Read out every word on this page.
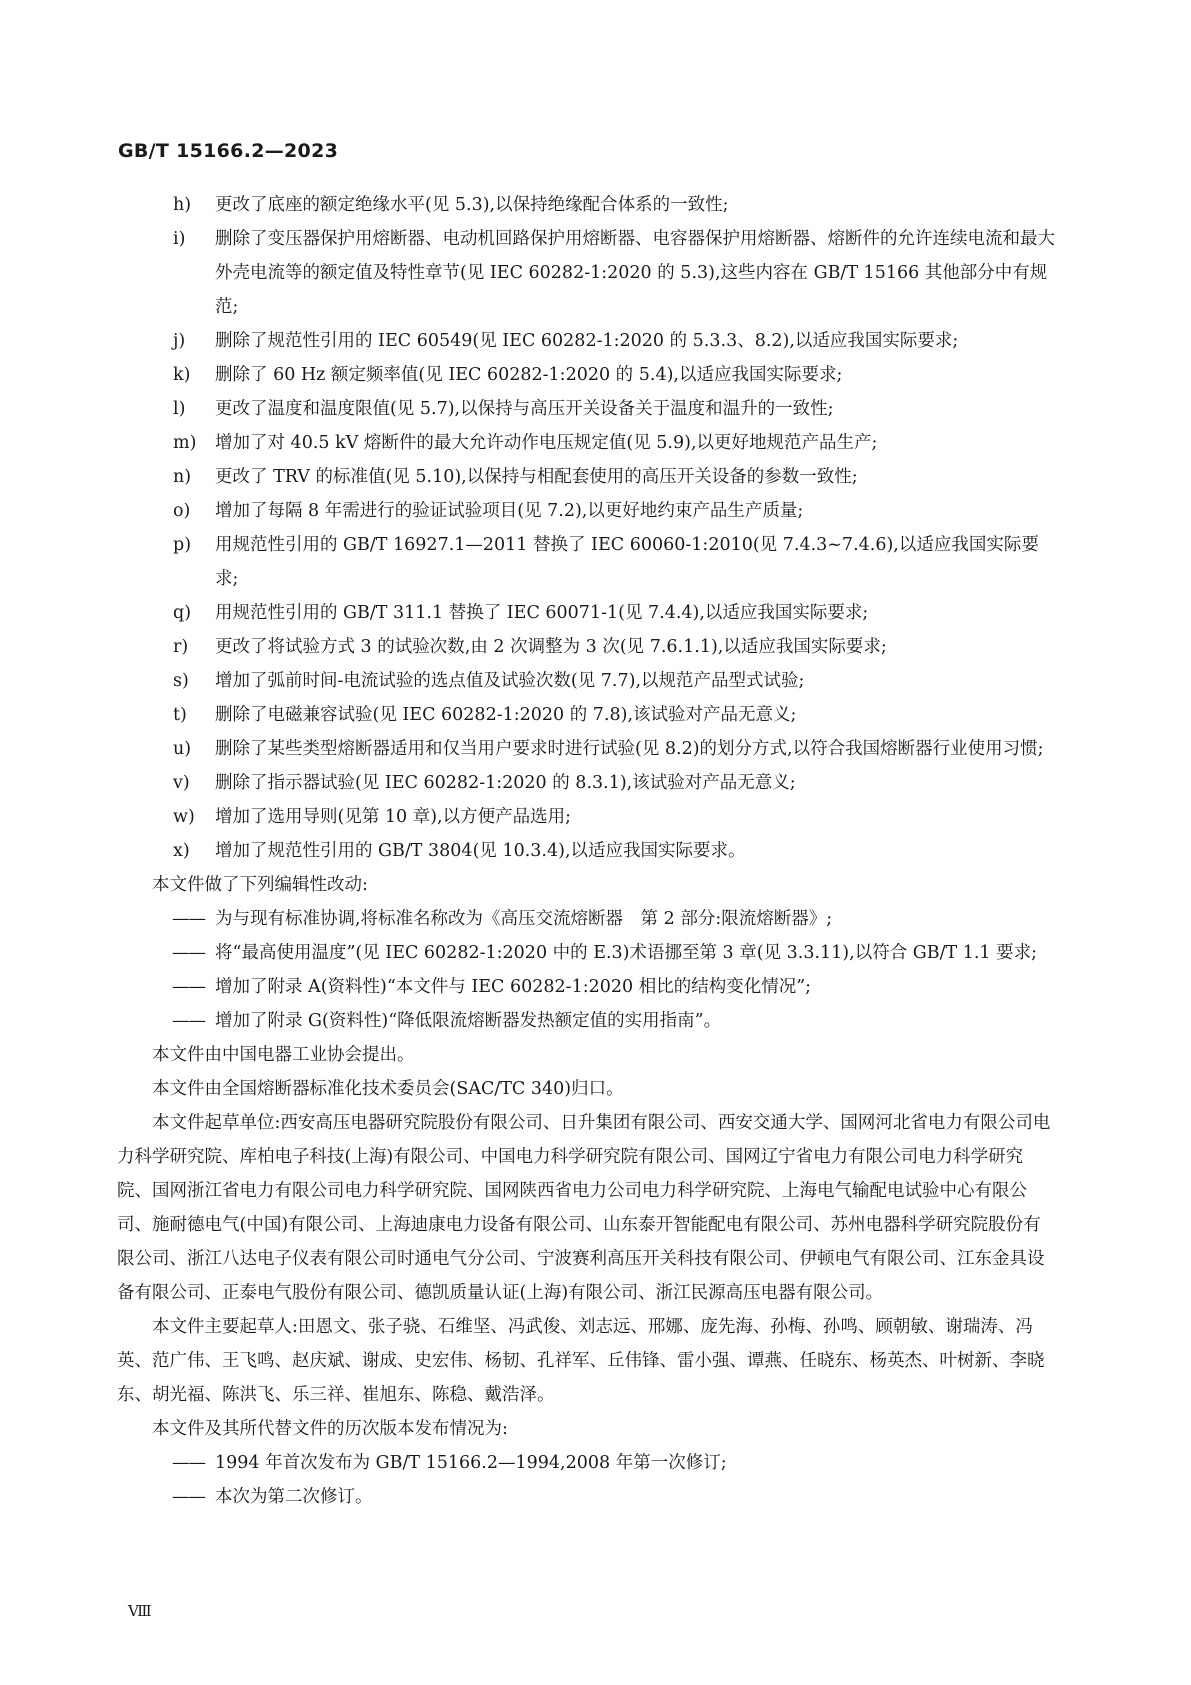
GB/T 15166.2—2023
h) 更改了底座的额定绝缘水平(见 5.3),以保持绝缘配合体系的一致性;
i) 删除了变压器保护用熔断器、电动机回路保护用熔断器、电容器保护用熔断器、熔断件的允许连续电流和最大外壳电流等的额定值及特性章节(见 IEC 60282-1:2020 的 5.3),这些内容在 GB/T 15166 其他部分中有规范;
j) 删除了规范性引用的 IEC 60549(见 IEC 60282-1:2020 的 5.3.3、8.2),以适应我国实际要求;
k) 删除了 60 Hz 额定频率值(见 IEC 60282-1:2020 的 5.4),以适应我国实际要求;
l) 更改了温度和温度限值(见 5.7),以保持与高压开关设备关于温度和温升的一致性;
m) 增加了对 40.5 kV 熔断件的最大允许动作电压规定值(见 5.9),以更好地规范产品生产;
n) 更改了 TRV 的标准值(见 5.10),以保持与相配套使用的高压开关设备的参数一致性;
o) 增加了每隔 8 年需进行的验证试验项目(见 7.2),以更好地约束产品生产质量;
p) 用规范性引用的 GB/T 16927.1—2011 替换了 IEC 60060-1:2010(见 7.4.3~7.4.6),以适应我国实际要求;
q) 用规范性引用的 GB/T 311.1 替换了 IEC 60071-1(见 7.4.4),以适应我国实际要求;
r) 更改了将试验方式 3 的试验次数,由 2 次调整为 3 次(见 7.6.1.1),以适应我国实际要求;
s) 增加了弧前时间-电流试验的选点值及试验次数(见 7.7),以规范产品型式试验;
t) 删除了电磁兼容试验(见 IEC 60282-1:2020 的 7.8),该试验对产品无意义;
u) 删除了某些类型熔断器适用和仅当用户要求时进行试验(见 8.2)的划分方式,以符合我国熔断器行业使用习惯;
v) 删除了指示器试验(见 IEC 60282-1:2020 的 8.3.1),该试验对产品无意义;
w) 增加了选用导则(见第 10 章),以方便产品选用;
x) 增加了规范性引用的 GB/T 3804(见 10.3.4),以适应我国实际要求。
本文件做了下列编辑性改动:
—— 为与现有标准协调,将标准名称改为《高压交流熔断器　第 2 部分:限流熔断器》;
—— 将“最高使用温度”(见 IEC 60282-1:2020 中的 E.3)术语挪至第 3 章(见 3.3.11),以符合 GB/T 1.1 要求;
—— 增加了附录 A(资料性)“本文件与 IEC 60282-1:2020 相比的结构变化情况”;
—— 增加了附录 G(资料性)“降低限流熔断器发热额定值的实用指南”。
本文件由中国电器工业协会提出。
本文件由全国熔断器标准化技术委员会(SAC/TC 340)归口。
本文件起草单位:西安高压电器研究院股份有限公司、日升集团有限公司、西安交通大学、国网河北省电力有限公司电力科学研究院、库柏电子科技(上海)有限公司、中国电力科学研究院有限公司、国网辽宁省电力有限公司电力科学研究院、国网浙江省电力有限公司电力科学研究院、国网陕西省电力公司电力科学研究院、上海电气输配电试验中心有限公司、施耐德电气(中国)有限公司、上海迪康电力设备有限公司、山东泰开智能配电有限公司、苏州电器科学研究院股份有限公司、浙江八达电子仪表有限公司时通电气分公司、宁波赛利高压开关科技有限公司、伊顿电气有限公司、江东金具设备有限公司、正泰电气股份有限公司、德凯质量认证(上海)有限公司、浙江民源高压电器有限公司。
本文件主要起草人:田恩文、张子骁、石维坚、冯武俊、刘志远、邢娜、庞先海、孙梅、孙鸣、顾朝敏、谢瑞涛、冯英、范广伟、王飞鸣、赵庆斌、谢成、史宏伟、杨韧、孔祥军、丘伟锋、雷小强、谭燕、任晓东、杨英杰、叶树新、李晓东、胡光福、陈洪飞、乐三祥、崔旭东、陈稳、戴浩泽。
本文件及其所代替文件的历次版本发布情况为:
—— 1994 年首次发布为 GB/T 15166.2—1994,2008 年第一次修订;
—— 本次为第二次修订。
Ⅷ
